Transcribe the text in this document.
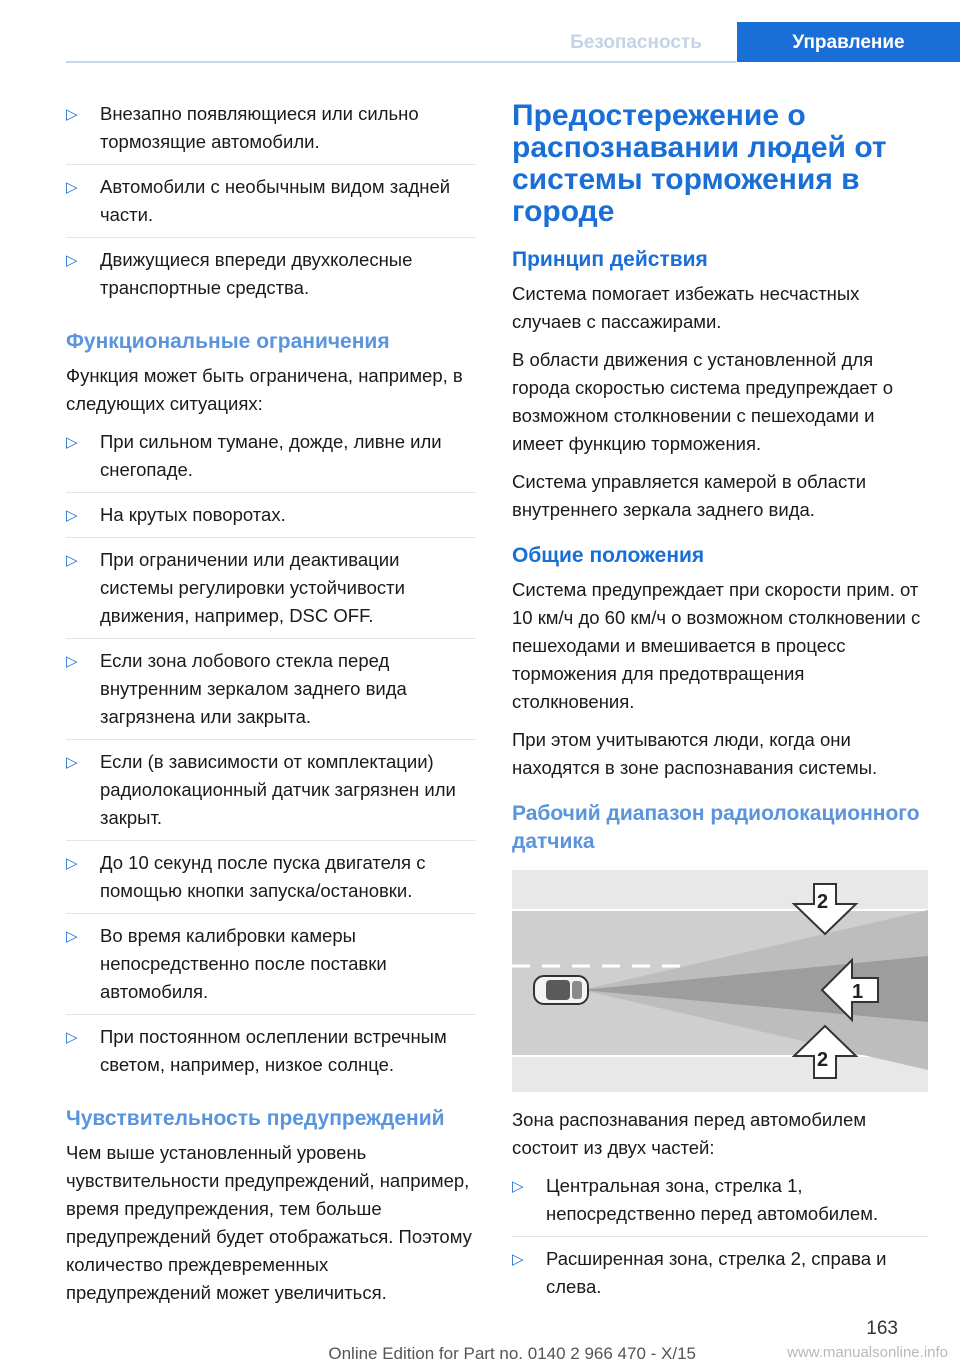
Безопасность	Управление
▷ Внезапно появляющиеся или сильно тормозящие автомобили.
▷ Автомобили с необычным видом задней части.
▷ Движущиеся впереди двухколесные транспортные средства.
Функциональные ограничения

Функция может быть ограничена, например, в следующих ситуациях:

▷ При сильном тумане, дожде, ливне или снегопаде.
▷ На крутых поворотах.
▷ При ограничении или деактивации системы регулировки устойчивости движения, например, DSC OFF.
▷ Если зона лобового стекла перед внутренним зеркалом заднего вида загрязнена или закрыта.
▷ Если (в зависимости от комплектации) радиолокационный датчик загрязнен или закрыт.
▷ До 10 секунд после пуска двигателя с помощью кнопки запуска/остановки.
▷ Во время калибровки камеры непосредственно после поставки автомобиля.
▷ При постоянном ослеплении встречным светом, например, низкое солнце.
Чувствительность предупреждений

Чем выше установленный уровень чувствительности предупреждений, например, время предупреждения, тем больше предупреждений будет отображаться. Поэтому количество преждевременных предупреждений может увеличиться.

Предостережение о распознавании людей от системы торможения в городе
Принцип действия

Система помогает избежать несчастных случаев с пассажирами.

В области движения с установленной для города скоростью система предупреждает о возможном столкновении с пешеходами и имеет функцию торможения.

Система управляется камерой в области внутреннего зеркала заднего вида.

Общие положения

Система предупреждает при скорости прим. от 10 км/ч до 60 км/ч о возможном столкновении с пешеходами и вмешивается в процесс торможения для предотвращения столкновения.

При этом учитываются люди, когда они находятся в зоне распознавания системы.

Рабочий диапазон радиолокационного датчика
2
1
2

Зона распознавания перед автомобилем состоит из двух частей:

▷ Центральная зона, стрелка 1, непосредственно перед автомобилем.
▷ Расширенная зона, стрелка 2, справа и слева.
163
Online Edition for Part no. 0140 2 966 470 - X/15	www.manualsonline.info
